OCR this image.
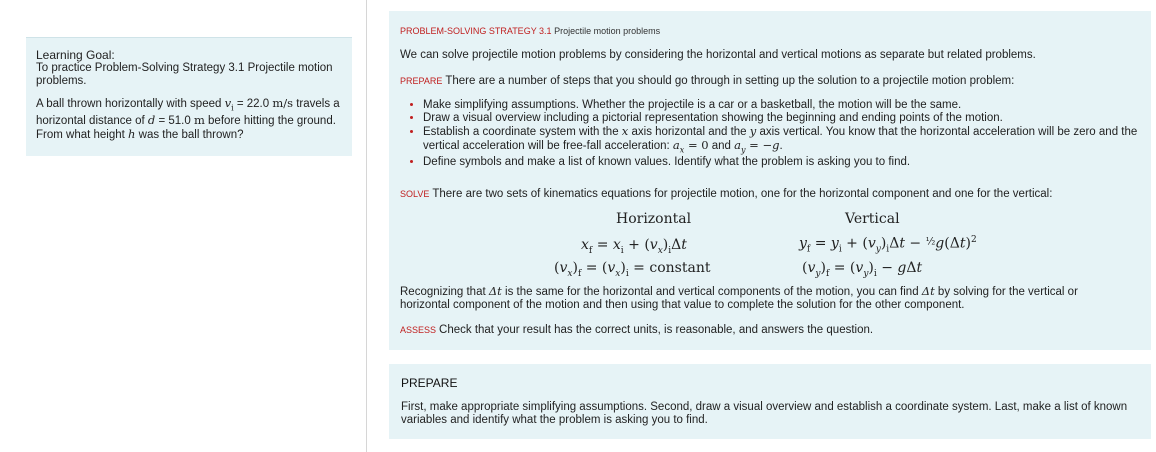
Learning Goal:
To practice Problem-Solving Strategy 3.1 Projectile motion problems.
A ball thrown horizontally with speed $v_i = 22.0$ m/s travels a horizontal distance of d = 51.0 m before hitting the ground. From what height h was the ball thrown?
PROBLEM-SOLVING STRATEGY 3.1 Projectile motion problems
We can solve projectile motion problems by considering the horizontal and vertical motions as separate but related problems.
PREPARE There are a number of steps that you should go through in setting up the solution to a projectile motion problem:
• Make simplifying assumptions. Whether the projectile is a car or a basketball, the motion will be the same.
• Draw a visual overview including a pictorial representation showing the beginning and ending points of the motion.
• Establish a coordinate system with the x axis horizontal and the y axis vertical. You know that the horizontal acceleration will be zero and the vertical acceleration will be free-fall acceleration: $a_x = 0$ and $a_y = -g$.
• Define symbols and make a list of known values. Identify what the problem is asking you to find.
SOLVE There are two sets of kinematics equations for projectile motion, one for the horizontal component and one for the vertical:
Horizontal	Vertical
$x_f = x_i + (v_x)_i\Delta t$
$(v_x)_f = (v_x)_i$ = constant
$y_f = y_i + (v_y)_i\Delta t - ^{\frac{1}{2}}g(\Delta t)^2$
$(v_y)_f = (v_y)_i - g\Delta t$
Recognizing that Δt is the same for the horizontal and vertical components of the motion, you can find Δt by solving for the vertical or horizontal component of the motion and then using that value to complete the solution for the other component.
ASSESS Check that your result has the correct units, is reasonable, and answers the question.
PREPARE
First, make appropriate simplifying assumptions. Second, draw a visual overview and establish a coordinate system. Last, make a list of known variables and identify what the problem is asking you to find.
